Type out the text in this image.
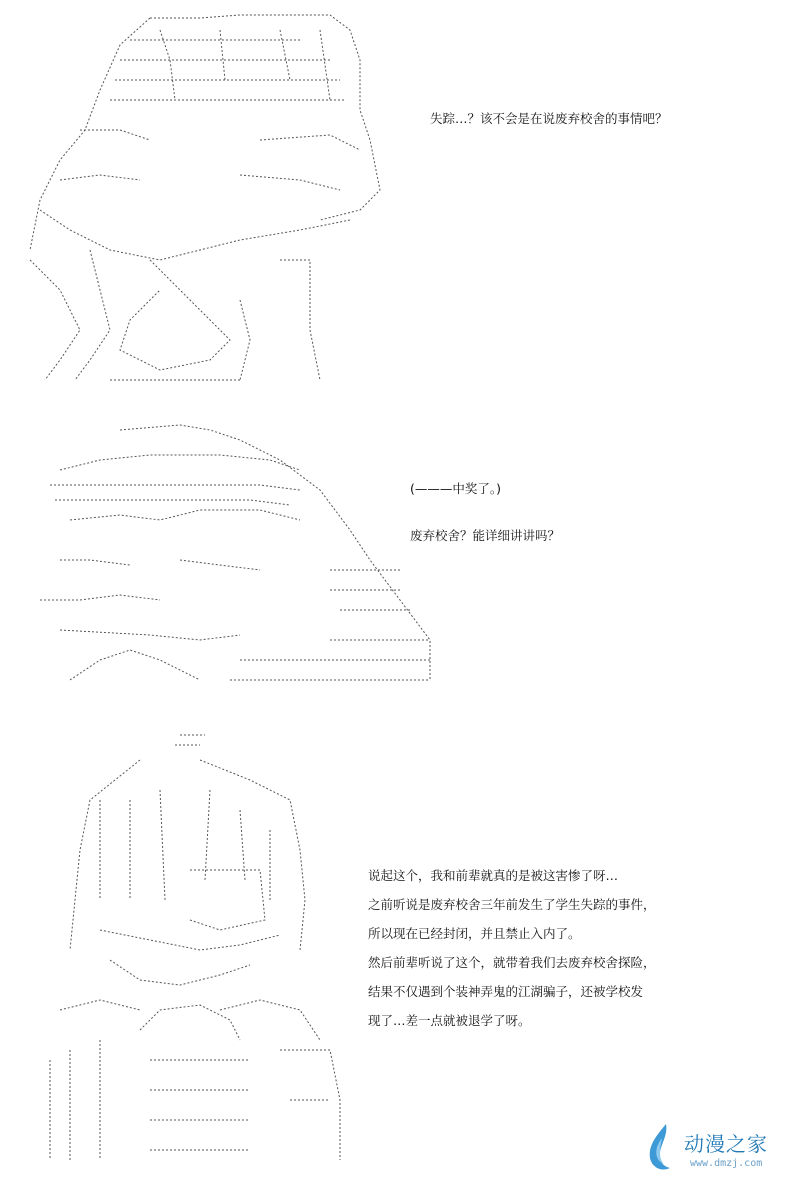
失踪…？该不会是在说废弃校舍的事情吧？
(———中奖了。)
废弃校舍？能详细讲讲吗？
说起这个，我和前辈就真的是被这害惨了呀…
之前听说是废弃校舍三年前发生了学生失踪的事件，
所以现在已经封闭，并且禁止入内了。
然后前辈听说了这个，就带着我们去废弃校舍探险，
结果不仅遇到个装神弄鬼的江湖骗子，还被学校发
现了…差一点就被退学了呀。
动漫之家
www.dmzj.com
